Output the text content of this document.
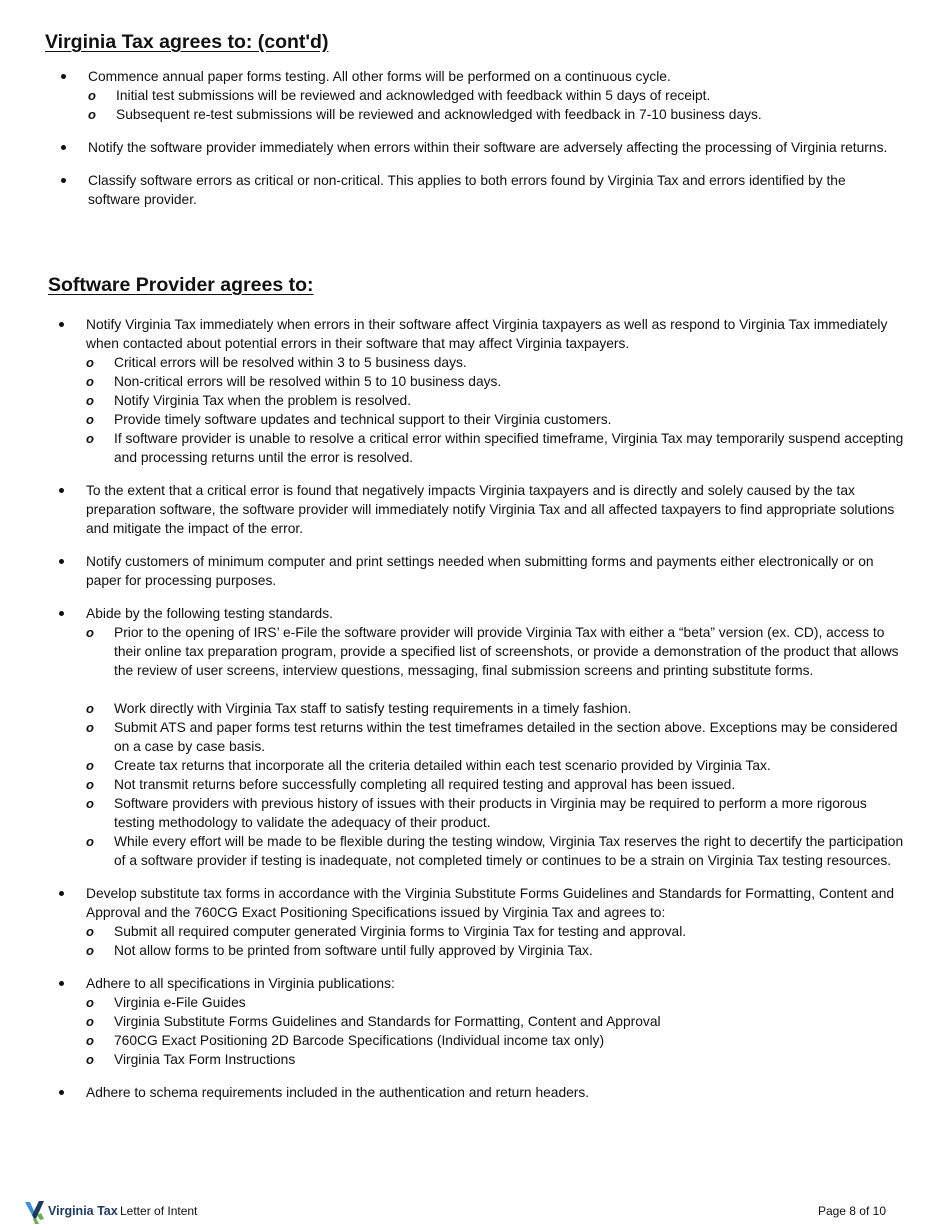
Virginia Tax agrees to: (cont'd)
Commence annual paper forms testing. All other forms will be performed on a continuous cycle.
o Initial test submissions will be reviewed and acknowledged with feedback within 5 days of receipt.
o Subsequent re-test submissions will be reviewed and acknowledged with feedback in 7-10 business days.
Notify the software provider immediately when errors within their software are adversely affecting the processing of Virginia returns.
Classify software errors as critical or non-critical. This applies to both errors found by Virginia Tax and errors identified by the software provider.
Software Provider agrees to:
Notify Virginia Tax immediately when errors in their software affect Virginia taxpayers as well as respond to Virginia Tax immediately when contacted about potential errors in their software that may affect Virginia taxpayers.
o Critical errors will be resolved within 3 to 5 business days.
o Non-critical errors will be resolved within 5 to 10 business days.
o Notify Virginia Tax when the problem is resolved.
o Provide timely software updates and technical support to their Virginia customers.
o If software provider is unable to resolve a critical error within specified timeframe, Virginia Tax may temporarily suspend accepting and processing returns until the error is resolved.
To the extent that a critical error is found that negatively impacts Virginia taxpayers and is directly and solely caused by the tax preparation software, the software provider will immediately notify Virginia Tax and all affected taxpayers to find appropriate solutions and mitigate the impact of the error.
Notify customers of minimum computer and print settings needed when submitting forms and payments either electronically or on paper for processing purposes.
Abide by the following testing standards.
o Prior to the opening of IRS’ e-File the software provider will provide Virginia Tax with either a “beta” version (ex. CD), access to their online tax preparation program, provide a specified list of screenshots, or provide a demonstration of the product that allows the review of user screens, interview questions, messaging, final submission screens and printing substitute forms.
o Work directly with Virginia Tax staff to satisfy testing requirements in a timely fashion.
o Submit ATS and paper forms test returns within the test timeframes detailed in the section above. Exceptions may be considered on a case by case basis.
o Create tax returns that incorporate all the criteria detailed within each test scenario provided by Virginia Tax.
o Not transmit returns before successfully completing all required testing and approval has been issued.
o Software providers with previous history of issues with their products in Virginia may be required to perform a more rigorous testing methodology to validate the adequacy of their product.
o While every effort will be made to be flexible during the testing window, Virginia Tax reserves the right to decertify the participation of a software provider if testing is inadequate, not completed timely or continues to be a strain on Virginia Tax testing resources.
Develop substitute tax forms in accordance with the Virginia Substitute Forms Guidelines and Standards for Formatting, Content and Approval and the 760CG Exact Positioning Specifications issued by Virginia Tax and agrees to:
o Submit all required computer generated Virginia forms to Virginia Tax for testing and approval.
o Not allow forms to be printed from software until fully approved by Virginia Tax.
Adhere to all specifications in Virginia publications:
o Virginia e-File Guides
o Virginia Substitute Forms Guidelines and Standards for Formatting, Content and Approval
o 760CG Exact Positioning 2D Barcode Specifications (Individual income tax only)
o Virginia Tax Form Instructions
Adhere to schema requirements included in the authentication and return headers.
Virginia Tax Letter of Intent	Page 8 of 10
